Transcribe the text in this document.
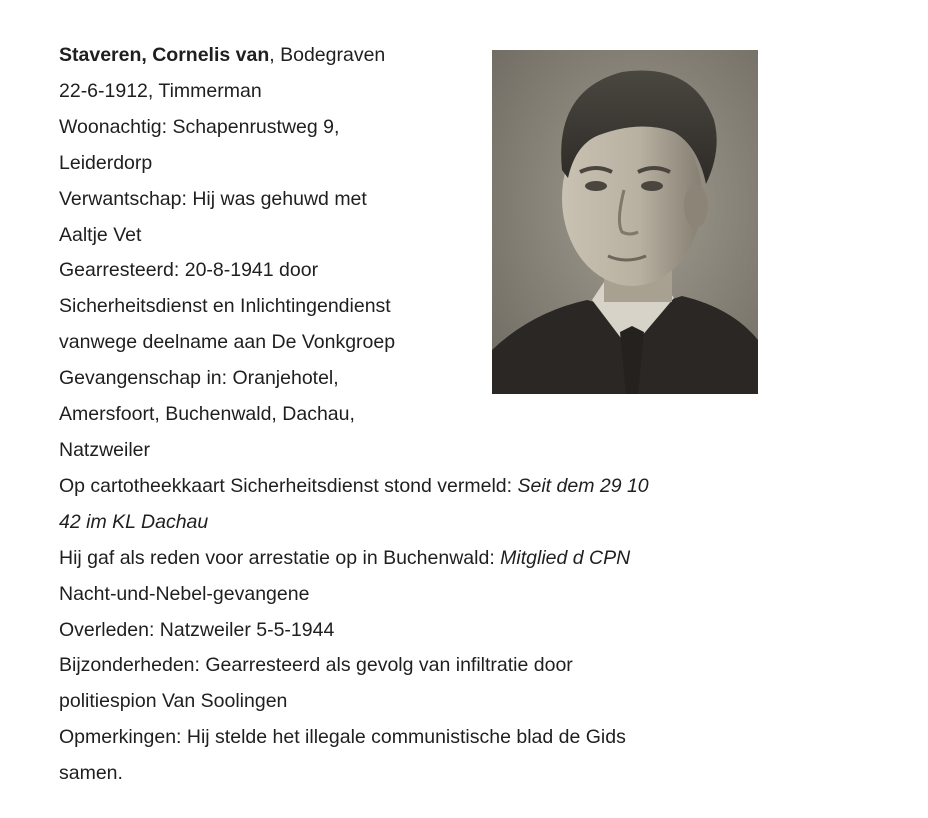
Staveren, Cornelis van, Bodegraven
22-6-1912, Timmerman
Woonachtig: Schapenrustweg 9,
Leiderdorp
Verwantschap: Hij was gehuwd met
Aaltje Vet
Gearresteerd: 20-8-1941 door
Sicherheitsdienst en Inlichtingendienst
vanwege deelname aan De Vonkgroep
Gevangenschap in: Oranjehotel,
Amersfoort, Buchenwald, Dachau,
Natzweiler
Op cartotheekkaart Sicherheitsdienst stond vermeld: Seit dem 29 10
42 im KL Dachau
Hij gaf als reden voor arrestatie op in Buchenwald: Mitglied d CPN
Nacht-und-Nebel-gevangene
Overleden: Natzweiler 5-5-1944
Bijzonderheden: Gearresteerd als gevolg van infiltratie door
politiespion Van Soolingen
Opmerkingen: Hij stelde het illegale communistische blad de Gids
samen.
